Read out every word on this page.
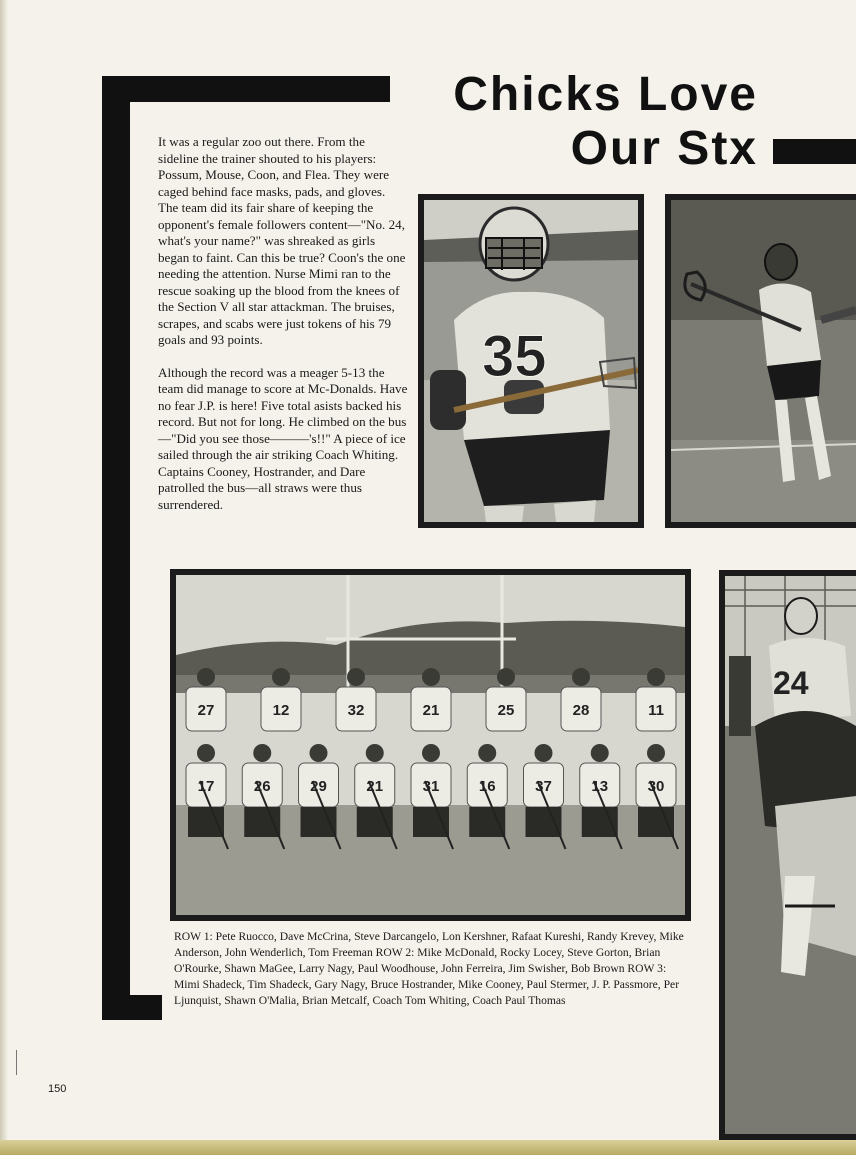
Chicks Love
Our Stx

It was a regular zoo out there. From the sideline the trainer shouted to his players: Possum, Mouse, Coon, and Flea. They were caged behind face masks, pads, and gloves. The team did its fair share of keeping the opponent's female followers content—"No. 24, what's your name?" was shreaked as girls began to faint. Can this be true? Coon's the one needing the attention. Nurse Mimi ran to the rescue soaking up the blood from the knees of the Section V all star attackman. The bruises, scrapes, and scabs were just tokens of his 79 goals and 93 points.

Although the record was a meager 5-13 the team did manage to score at Mc-Donalds. Have no fear J.P. is here! Five total asists backed his record. But not for long. He climbed on the bus—"Did you see those———'s!!" A piece of ice sailed through the air striking Coach Whiting. Captains Cooney, Hostrander, and Dare patrolled the bus—all straws were thus surrendered.

35
17	26	29	21	31	16	37	13	30
27	12	32	21	25	28	11
24

ROW 1: Pete Ruocco, Dave McCrina, Steve Darcangelo, Lon Kershner, Rafaat Kureshi, Randy Krevey, Mike Anderson, John Wenderlich, Tom Freeman ROW 2: Mike McDonald, Rocky Locey, Steve Gorton, Brian O'Rourke, Shawn MaGee, Larry Nagy, Paul Woodhouse, John Ferreira, Jim Swisher, Bob Brown ROW 3: Mimi Shadeck, Tim Shadeck, Gary Nagy, Bruce Hostrander, Mike Cooney, Paul Stermer, J. P. Passmore, Per Ljunquist, Shawn O'Malia, Brian Metcalf, Coach Tom Whiting, Coach Paul Thomas

150
